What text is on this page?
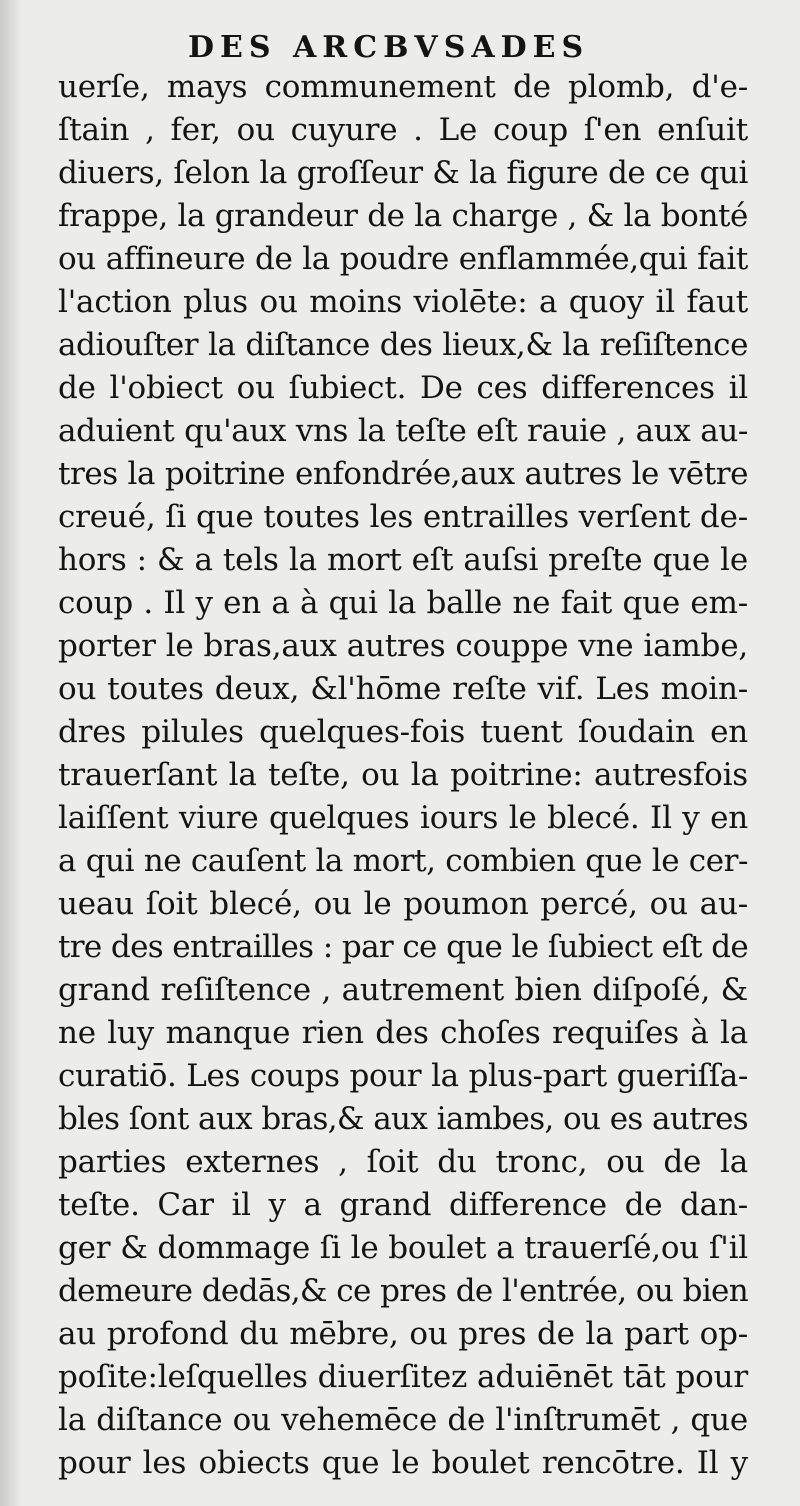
DES ARCBVSADES
uerſe, mays communement de plomb, d'e-
ſtain , fer, ou cuyure . Le coup ſ'en enſuit
diuers, ſelon la groſſeur & la figure de ce qui
frappe, la grandeur de la charge , & la bonté
ou affineure de la poudre enflammée,qui fait
l'action plus ou moins violēte: a quoy il faut
adiouſter la diſtance des lieux,& la reſiſtence
de l'obiect ou ſubiect. De ces differences il
aduient qu'aux vns la teſte eſt rauie , aux au-
tres la poitrine enfondrée,aux autres le vētre
creué, ſi que toutes les entrailles verſent de-
hors : & a tels la mort eſt auſsi preſte que le
coup . Il y en a à qui la balle ne fait que em-
porter le bras,aux autres couppe vne iambe,
ou toutes deux, &l'hōme reſte vif. Les moin-
dres pilules quelques-fois tuent ſoudain en
trauerſant la teſte, ou la poitrine: autresfois
laiſſent viure quelques iours le blecé. Il y en
a qui ne cauſent la mort, combien que le cer-
ueau ſoit blecé, ou le poumon percé, ou au-
tre des entrailles : par ce que le ſubiect eſt de
grand reſiſtence , autrement bien diſpoſé, &
ne luy manque rien des choſes requiſes à la
curatiō. Les coups pour la plus-part gueriſſa-
bles ſont aux bras,& aux iambes, ou es autres
parties externes , ſoit du tronc, ou de la
teſte. Car il y a grand difference de dan-
ger & dommage ſi le boulet a trauerſé,ou ſ'il
demeure dedās,& ce pres de l'entrée, ou bien
au profond du mēbre, ou pres de la part op-
poſite:leſquelles diuerſitez aduiēnēt tāt pour
la diſtance ou vehemēce de l'inſtrumēt , que
pour les obiects que le boulet rencōtre. Il y
